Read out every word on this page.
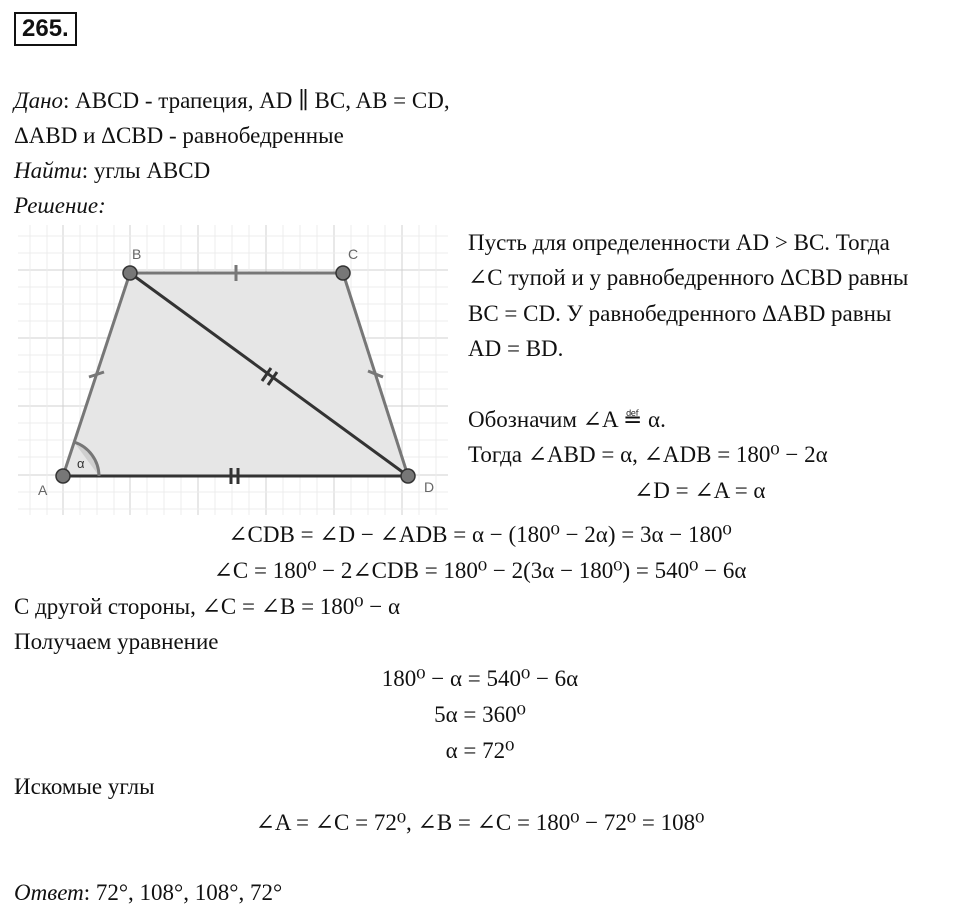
265.
Дано: ABCD - трапеция, AD ∥ BC, AB = CD,
ΔABD и ΔCBD - равнобедренные
Найти: углы ABCD
Решение:
A
B	C
D
α
Пусть для определенности AD > BC. Тогда
∠C тупой и у равнобедренного ΔCBD равны
BC = CD. У равнобедренного ΔABD равны
AD = BD.
Обозначим ∠A ≝ α.
Тогда ∠ABD = α, ∠ADB = 180⁰ − 2α
∠D = ∠A = α
∠CDB = ∠D − ∠ADB = α − (180⁰ − 2α) = 3α − 180⁰
∠C = 180⁰ − 2∠CDB = 180⁰ − 2(3α − 180⁰) = 540⁰ − 6α
С другой стороны, ∠C = ∠B = 180⁰ − α
Получаем уравнение
180⁰ − α = 540⁰ − 6α
5α = 360⁰
α = 72⁰
Искомые углы
∠A = ∠C = 72⁰, ∠B = ∠C = 180⁰ − 72⁰ = 108⁰
Ответ: 72°, 108°, 108°, 72°
